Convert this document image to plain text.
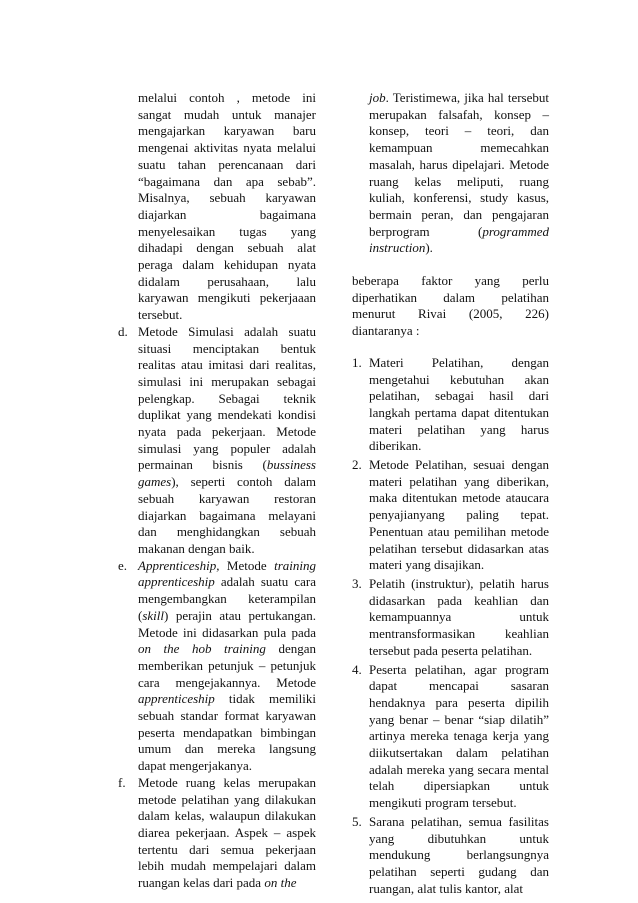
melalui contoh , metode ini sangat mudah untuk manajer mengajarkan karyawan baru mengenai aktivitas nyata melalui suatu tahan perencanaan dari “bagaimana dan apa sebab”. Misalnya, sebuah karyawan diajarkan bagaimana menyelesaikan tugas yang dihadapi dengan sebuah alat peraga dalam kehidupan nyata didalam perusahaan, lalu karyawan mengikuti pekerjaaan tersebut.

d. Metode Simulasi adalah suatu situasi menciptakan bentuk realitas atau imitasi dari realitas, simulasi ini merupakan sebagai pelengkap. Sebagai teknik duplikat yang mendekati kondisi nyata pada pekerjaan. Metode simulasi yang populer adalah permainan bisnis (bussiness games), seperti contoh dalam sebuah karyawan restoran diajarkan bagaimana melayani dan menghidangkan sebuah makanan dengan baik.
e. Apprenticeship, Metode training apprenticeship adalah suatu cara mengembangkan keterampilan (skill) perajin atau pertukangan. Metode ini didasarkan pula pada on the hob training dengan memberikan petunjuk – petunjuk cara mengejakannya. Metode apprenticeship tidak memiliki sebuah standar format karyawan peserta mendapatkan bimbingan umum dan mereka langsung dapat mengerjakanya.
f. Metode ruang kelas merupakan metode pelatihan yang dilakukan dalam kelas, walaupun dilakukan diarea pekerjaan. Aspek – aspek tertentu dari semua pekerjaan lebih mudah mempelajari dalam ruangan kelas dari pada on the

job. Teristimewa, jika hal tersebut merupakan falsafah, konsep – konsep, teori – teori, dan kemampuan memecahkan masalah, harus dipelajari. Metode ruang kelas meliputi, ruang kuliah, konferensi, study kasus, bermain peran, dan pengajaran berprogram (programmed instruction).

beberapa faktor yang perlu diperhatikan dalam pelatihan menurut Rivai (2005, 226) diantaranya :

1. Materi Pelatihan, dengan mengetahui kebutuhan akan pelatihan, sebagai hasil dari langkah pertama dapat ditentukan materi pelatihan yang harus diberikan.
2. Metode Pelatihan, sesuai dengan materi pelatihan yang diberikan, maka ditentukan metode ataucara penyajianyang paling tepat. Penentuan atau pemilihan metode pelatihan tersebut didasarkan atas materi yang disajikan.
3. Pelatih (instruktur), pelatih harus didasarkan pada keahlian dan kemampuannya untuk mentransformasikan keahlian tersebut pada peserta pelatihan.
4. Peserta pelatihan, agar program dapat mencapai sasaran hendaknya para peserta dipilih yang benar – benar “siap dilatih” artinya mereka tenaga kerja yang diikutsertakan dalam pelatihan adalah mereka yang secara mental telah dipersiapkan untuk mengikuti program tersebut.
5. Sarana pelatihan, semua fasilitas yang dibutuhkan untuk mendukung berlangsungnya pelatihan seperti gudang dan ruangan, alat tulis kantor, alat
